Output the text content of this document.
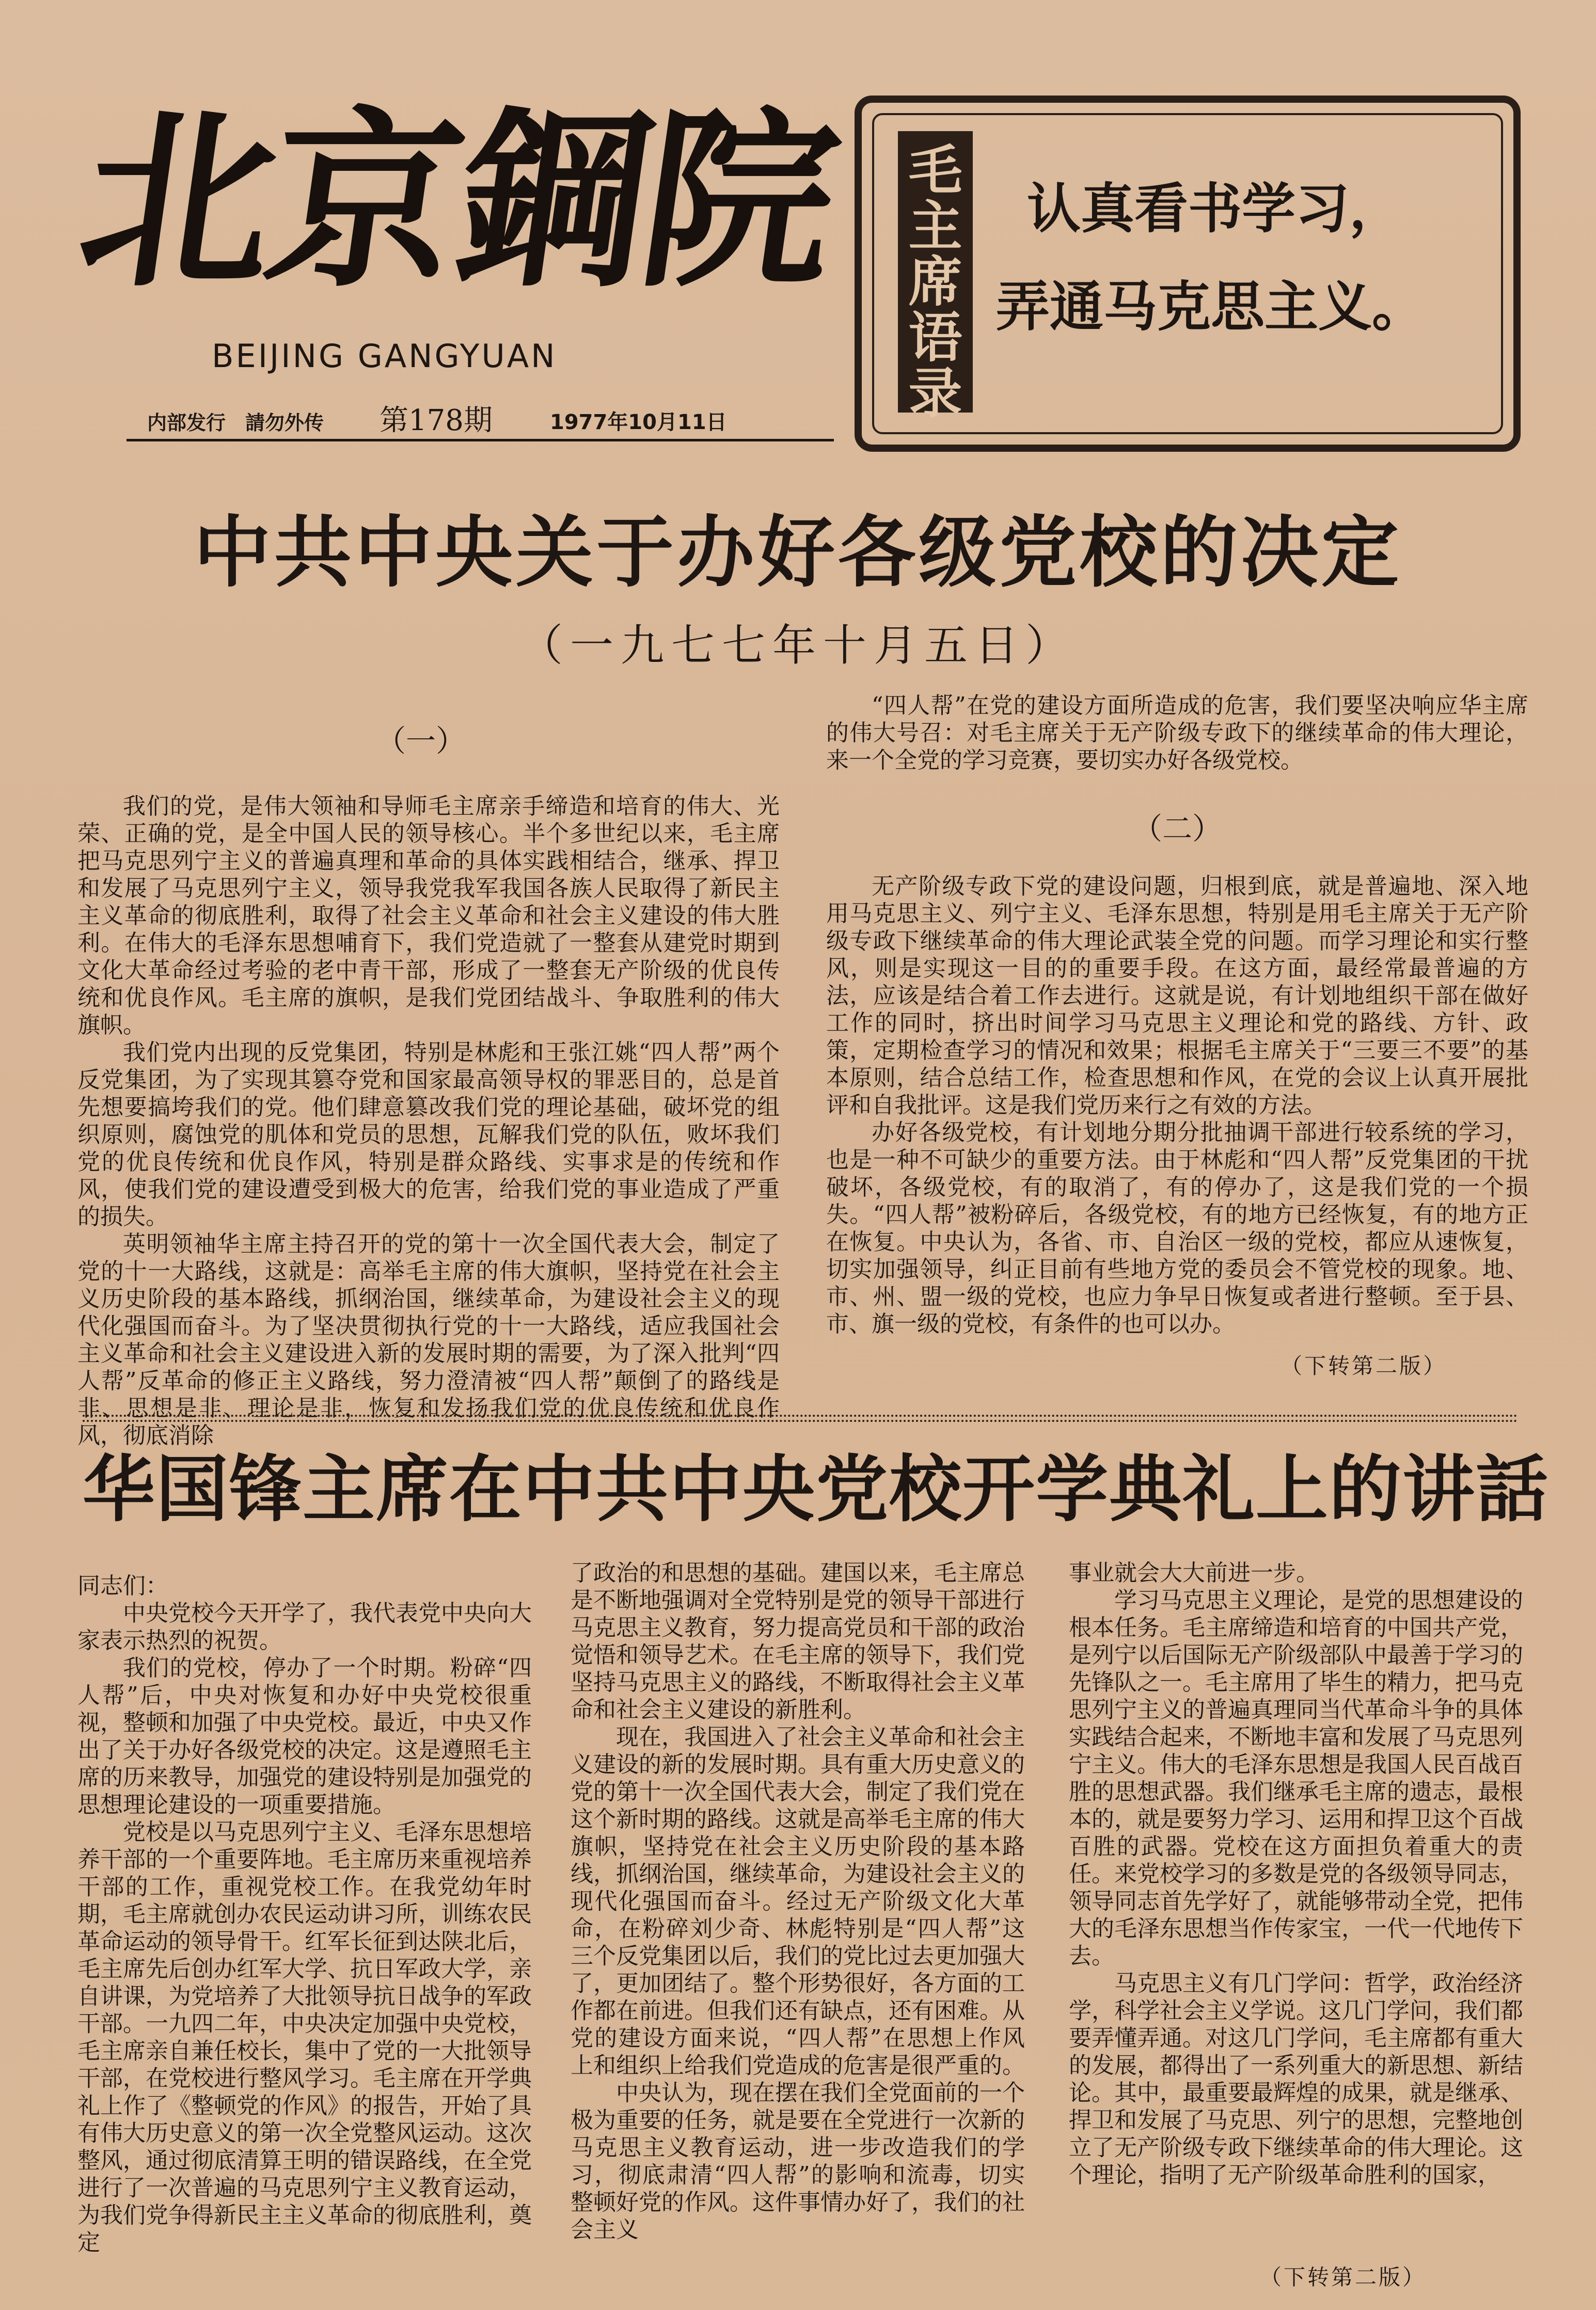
北京鋼院
BEIJING GANGYUAN
内部发行　請勿外传 第178期	1977年10月11日
毛
主
席
语
录
认真看书学习，
弄通马克思主义。
中共中央关于办好各级党校的决定
（一九七七年十月五日）
（一）

我们的党，是伟大领袖和导师毛主席亲手缔造和培育的伟大、光荣、正确的党，是全中国人民的领导核心。半个多世纪以来，毛主席把马克思列宁主义的普遍真理和革命的具体实践相结合，继承、捍卫和发展了马克思列宁主义，领导我党我军我国各族人民取得了新民主主义革命的彻底胜利，取得了社会主义革命和社会主义建设的伟大胜利。在伟大的毛泽东思想哺育下，我们党造就了一整套从建党时期到文化大革命经过考验的老中青干部，形成了一整套无产阶级的优良传统和优良作风。毛主席的旗帜，是我们党团结战斗、争取胜利的伟大旗帜。

我们党内出现的反党集团，特别是林彪和王张江姚“四人帮”两个反党集团，为了实现其篡夺党和国家最高领导权的罪恶目的，总是首先想要搞垮我们的党。他们肆意篡改我们党的理论基础，破坏党的组织原则，腐蚀党的肌体和党员的思想，瓦解我们党的队伍，败坏我们党的优良传统和优良作风，特别是群众路线、实事求是的传统和作风，使我们党的建设遭受到极大的危害，给我们党的事业造成了严重的损失。

英明领袖华主席主持召开的党的第十一次全国代表大会，制定了党的十一大路线，这就是：高举毛主席的伟大旗帜，坚持党在社会主义历史阶段的基本路线，抓纲治国，继续革命，为建设社会主义的现代化强国而奋斗。为了坚决贯彻执行党的十一大路线，适应我国社会主义革命和社会主义建设进入新的发展时期的需要，为了深入批判“四人帮”反革命的修正主义路线，努力澄清被“四人帮”颠倒了的路线是非、思想是非、理论是非，恢复和发扬我们党的优良传统和优良作风，彻底消除

“四人帮”在党的建设方面所造成的危害，我们要坚决响应华主席的伟大号召：对毛主席关于无产阶级专政下的继续革命的伟大理论，来一个全党的学习竞赛，要切实办好各级党校。
（二）

无产阶级专政下党的建设问题，归根到底，就是普遍地、深入地用马克思主义、列宁主义、毛泽东思想，特别是用毛主席关于无产阶级专政下继续革命的伟大理论武装全党的问题。而学习理论和实行整风，则是实现这一目的的重要手段。在这方面，最经常最普遍的方法，应该是结合着工作去进行。这就是说，有计划地组织干部在做好工作的同时，挤出时间学习马克思主义理论和党的路线、方针、政策，定期检查学习的情况和效果；根据毛主席关于“三要三不要”的基本原则，结合总结工作，检查思想和作风，在党的会议上认真开展批评和自我批评。这是我们党历来行之有效的方法。

办好各级党校，有计划地分期分批抽调干部进行较系统的学习，也是一种不可缺少的重要方法。由于林彪和“四人帮”反党集团的干扰破坏，各级党校，有的取消了，有的停办了，这是我们党的一个损失。“四人帮”被粉碎后，各级党校，有的地方已经恢复，有的地方正在恢复。中央认为，各省、市、自治区一级的党校，都应从速恢复，切实加强领导，纠正目前有些地方党的委员会不管党校的现象。地、市、州、盟一级的党校，也应力争早日恢复或者进行整顿。至于县、市、旗一级的党校，有条件的也可以办。

（下转第二版）
华国锋主席在中共中央党校开学典礼上的讲話
同志们：

中央党校今天开学了，我代表党中央向大家表示热烈的祝贺。

我们的党校，停办了一个时期。粉碎“四人帮”后，中央对恢复和办好中央党校很重视，整顿和加强了中央党校。最近，中央又作出了关于办好各级党校的决定。这是遵照毛主席的历来教导，加强党的建设特别是加强党的思想理论建设的一项重要措施。

党校是以马克思列宁主义、毛泽东思想培养干部的一个重要阵地。毛主席历来重视培养干部的工作，重视党校工作。在我党幼年时期，毛主席就创办农民运动讲习所，训练农民革命运动的领导骨干。红军长征到达陕北后，毛主席先后创办红军大学、抗日军政大学，亲自讲课，为党培养了大批领导抗日战争的军政干部。一九四二年，中央决定加强中央党校，毛主席亲自兼任校长，集中了党的一大批领导干部，在党校进行整风学习。毛主席在开学典礼上作了《整顿党的作风》的报告，开始了具有伟大历史意义的第一次全党整风运动。这次整风，通过彻底清算王明的错误路线，在全党进行了一次普遍的马克思列宁主义教育运动，为我们党争得新民主主义革命的彻底胜利，奠定

了政治的和思想的基础。建国以来，毛主席总是不断地强调对全党特别是党的领导干部进行马克思主义教育，努力提高党员和干部的政治觉悟和领导艺术。在毛主席的领导下，我们党坚持马克思主义的路线，不断取得社会主义革命和社会主义建设的新胜利。

现在，我国进入了社会主义革命和社会主义建设的新的发展时期。具有重大历史意义的党的第十一次全国代表大会，制定了我们党在这个新时期的路线。这就是高举毛主席的伟大旗帜，坚持党在社会主义历史阶段的基本路线，抓纲治国，继续革命，为建设社会主义的现代化强国而奋斗。经过无产阶级文化大革命，在粉碎刘少奇、林彪特别是“四人帮”这三个反党集团以后，我们的党比过去更加强大了，更加团结了。整个形势很好，各方面的工作都在前进。但我们还有缺点，还有困难。从党的建设方面来说，“四人帮”在思想上作风上和组织上给我们党造成的危害是很严重的。

中央认为，现在摆在我们全党面前的一个极为重要的任务，就是要在全党进行一次新的马克思主义教育运动，进一步改造我们的学习，彻底肃清“四人帮”的影响和流毒，切实整顿好党的作风。这件事情办好了，我们的社会主义

事业就会大大前进一步。

学习马克思主义理论，是党的思想建设的根本任务。毛主席缔造和培育的中国共产党，是列宁以后国际无产阶级部队中最善于学习的先锋队之一。毛主席用了毕生的精力，把马克思列宁主义的普遍真理同当代革命斗争的具体实践结合起来，不断地丰富和发展了马克思列宁主义。伟大的毛泽东思想是我国人民百战百胜的思想武器。我们继承毛主席的遗志，最根本的，就是要努力学习、运用和捍卫这个百战百胜的武器。党校在这方面担负着重大的责任。来党校学习的多数是党的各级领导同志，领导同志首先学好了，就能够带动全党，把伟大的毛泽东思想当作传家宝，一代一代地传下去。

马克思主义有几门学问：哲学，政治经济学，科学社会主义学说。这几门学问，我们都要弄懂弄通。对这几门学问，毛主席都有重大的发展，都得出了一系列重大的新思想、新结论。其中，最重要最辉煌的成果，就是继承、捍卫和发展了马克思、列宁的思想，完整地创立了无产阶级专政下继续革命的伟大理论。这个理论，指明了无产阶级革命胜利的国家，

（下转第二版）
